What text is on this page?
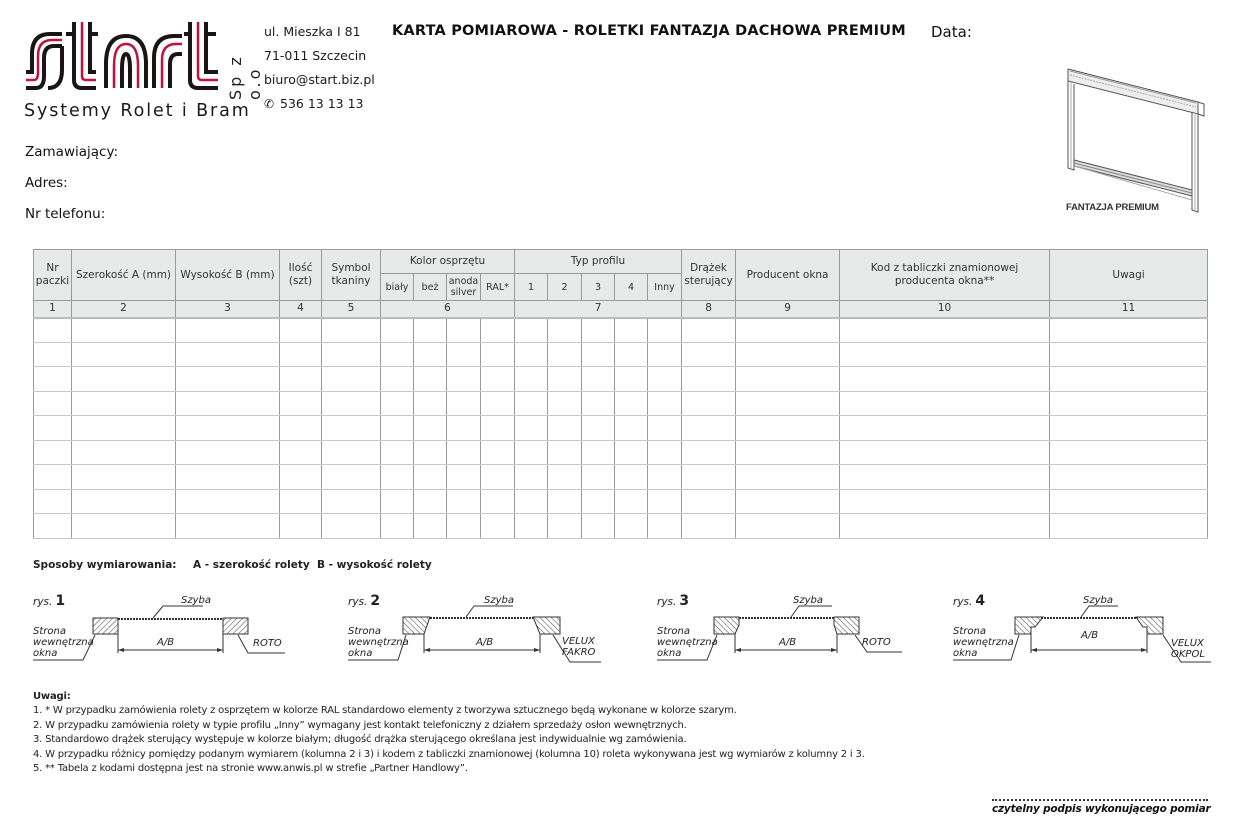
Sp z o.o
Systemy Rolet i Bram
ul. Mieszka I 81
71-011 Szczecin
biuro@start.biz.pl
✆ 536 13 13 13
KARTA POMIAROWA - ROLETKI FANTAZJA DACHOWA PREMIUM Data:
Zamawiający:
Adres:
Nr telefonu:	FANTAZJA PREMIUM
Nr paczki	Szerokość A (mm)	Wysokość B (mm)	Ilość (szt)	Symbol tkaniny	Kolor osprzętu				Typ profilu					Drążek sterujący	Producent okna	Kod z tabliczki znamionowej producenta okna**	Uwagi
					biały	beż	anoda silver	RAL*	1	2	3	4	Inny				
1	2	3	4	5	6				7					8	9	10	11

Sposoby wymiarowania: A - szerokość rolety B - wysokość rolety
rys. 1	Szyba
Strona wewnętrzna okna
A/B	ROTO
rys. 2	Szyba
Strona wewnętrzna okna
A/B	VELUX FAKRO
rys. 3	Szyba
Strona wewnętrzna okna
A/B	ROTO
rys. 4	Szyba
Strona wewnętrzna okna
A/B
VELUX OKPOL
Uwagi:
1. * W przypadku zamówienia rolety z osprzętem w kolorze RAL standardowo elementy z tworzywa sztucznego będą wykonane w kolorze szarym.
2. W przypadku zamówienia rolety w typie profilu „Inny” wymagany jest kontakt telefoniczny z działem sprzedaży osłon wewnętrznych.
3. Standardowo drążek sterujący występuje w kolorze białym; długość drążka sterującego określana jest indywidualnie wg zamówienia.
4. W przypadku różnicy pomiędzy podanym wymiarem (kolumna 2 i 3) i kodem z tabliczki znamionowej (kolumna 10) roleta wykonywana jest wg wymiarów z kolumny 2 i 3.
5. ** Tabela z kodami dostępna jest na stronie www.anwis.pl w strefie „Partner Handlowy”.
czytelny podpis wykonującego pomiar
